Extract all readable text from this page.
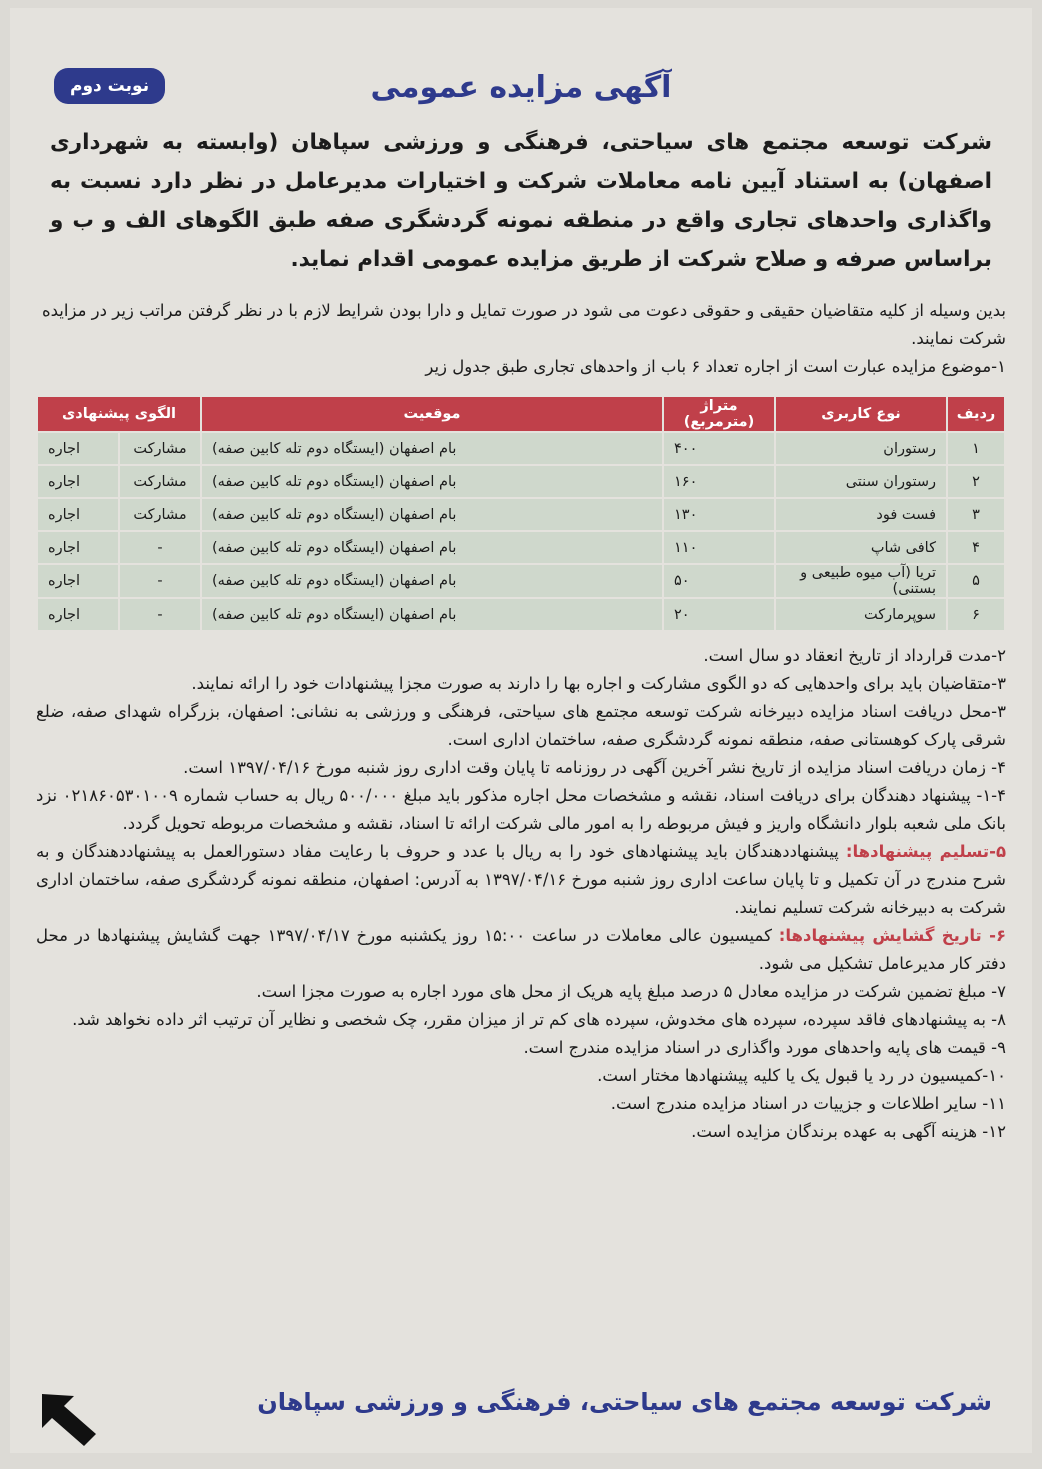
نوبت دوم	آگهی مزایده عمومی
شرکت توسعه مجتمع های سیاحتی، فرهنگی و ورزشی سپاهان (وابسته به شهرداری اصفهان) به استناد آیین نامه معاملات شرکت و اختیارات مدیرعامل در نظر دارد نسبت به واگذاری واحدهای تجاری واقع در منطقه نمونه گردشگری صفه طبق الگوهای الف و ب و براساس صرفه و صلاح شرکت از طریق مزایده عمومی اقدام نماید.
بدین وسیله از کلیه متقاضیان حقیقی و حقوقی دعوت می شود در صورت تمایل و دارا بودن شرایط لازم با در نظر گرفتن مراتب زیر در مزایده شرکت نمایند.
۱-موضوع مزایده عبارت است از اجاره تعداد ۶ باب از واحدهای تجاری طبق جدول زیر
ردیف	نوع کاربری	متراژ (مترمربع)	موقعیت	الگوی پیشنهادی	
۱	رستوران	۴۰۰	بام اصفهان (ایستگاه دوم تله کابین صفه)	مشارکت	اجاره
۲	رستوران سنتی	۱۶۰	بام اصفهان (ایستگاه دوم تله کابین صفه)	مشارکت	اجاره
۳	فست فود	۱۳۰	بام اصفهان (ایستگاه دوم تله کابین صفه)	مشارکت	اجاره
۴	کافی شاپ	۱۱۰	بام اصفهان (ایستگاه دوم تله کابین صفه)	-	اجاره
۵	تریا (آب میوه طبیعی و بستنی)	۵۰	بام اصفهان (ایستگاه دوم تله کابین صفه)	-	اجاره
۶	سوپرمارکت	۲۰	بام اصفهان (ایستگاه دوم تله کابین صفه)	-	اجاره

۲-مدت قرارداد از تاریخ انعقاد دو سال است.

۳-متقاضیان باید برای واحدهایی که دو الگوی مشارکت و اجاره بها را دارند به صورت مجزا پیشنهادات خود را ارائه نمایند.

۳-محل دریافت اسناد مزایده دبیرخانه شرکت توسعه مجتمع های سیاحتی، فرهنگی و ورزشی به نشانی: اصفهان، بزرگراه شهدای صفه، ضلع شرقی پارک کوهستانی صفه، منطقه نمونه گردشگری صفه، ساختمان اداری است.

۴- زمان دریافت اسناد مزایده از تاریخ نشر آخرین آگهی در روزنامه تا پایان وقت اداری روز شنبه مورخ ۱۳۹۷/۰۴/۱۶ است.

۱-۴- پیشنهاد دهندگان برای دریافت اسناد، نقشه و مشخصات محل اجاره مذکور باید مبلغ ۵۰۰/۰۰۰ ریال به حساب شماره ۰۲۱۸۶۰۵۳۰۱۰۰۹ نزد بانک ملی شعبه بلوار دانشگاه واریز و فیش مربوطه را به امور مالی شرکت ارائه تا اسناد، نقشه و مشخصات مربوطه تحویل گردد.

۵-تسلیم پیشنهادها: پیشنهاددهندگان باید پیشنهادهای خود را به ریال با عدد و حروف با رعایت مفاد دستورالعمل به پیشنهاددهندگان و به شرح مندرج در آن تکمیل و تا پایان ساعت اداری روز شنبه مورخ ۱۳۹۷/۰۴/۱۶ به آدرس: اصفهان، منطقه نمونه گردشگری صفه، ساختمان اداری شرکت به دبیرخانه شرکت تسلیم نمایند.

۶- تاریخ گشایش پیشنهادها: کمیسیون عالی معاملات در ساعت ۱۵:۰۰ روز یکشنبه مورخ ۱۳۹۷/۰۴/۱۷ جهت گشایش پیشنهادها در محل دفتر کار مدیرعامل تشکیل می شود.

۷- مبلغ تضمین شرکت در مزایده معادل ۵ درصد مبلغ پایه هریک از محل های مورد اجاره به صورت مجزا است.

۸- به پیشنهادهای فاقد سپرده، سپرده های مخدوش، سپرده های کم تر از میزان مقرر، چک شخصی و نظایر آن ترتیب اثر داده نخواهد شد.

۹- قیمت های پایه واحدهای مورد واگذاری در اسناد مزایده مندرج است.

۱۰-کمیسیون در رد یا قبول یک یا کلیه پیشنهادها مختار است.

۱۱- سایر اطلاعات و جزییات در اسناد مزایده مندرج است.

۱۲- هزینه آگهی به عهده برندگان مزایده است.

شرکت توسعه مجتمع های سیاحتی، فرهنگی و ورزشی سپاهان
